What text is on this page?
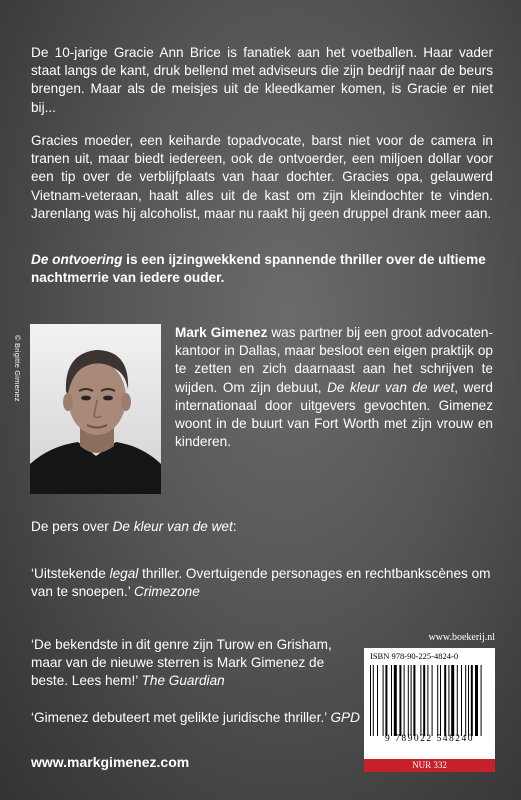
De 10-jarige Gracie Ann Brice is fanatiek aan het voetballen. Haar vader staat langs de kant, druk bellend met adviseurs die zijn bedrijf naar de beurs brengen. Maar als de meisjes uit de kleedkamer komen, is Gracie er niet bij...

Gracies moeder, een keiharde topadvocate, barst niet voor de camera in tranen uit, maar biedt iedereen, ook de ontvoerder, een miljoen dollar voor een tip over de verblijfplaats van haar dochter. Gracies opa, gelauwerd Vietnam-veteraan, haalt alles uit de kast om zijn kleindochter te vinden. Jarenlang was hij alcoholist, maar nu raakt hij geen druppel drank meer aan.

De ontvoering is een ijzingwekkend spannende thriller over de ultieme nachtmerrie van iedere ouder.

© Brigitte Gimenez

Mark Gimenez was partner bij een groot advocaten-kantoor in Dallas, maar besloot een eigen praktijk op te zetten en zich daarnaast aan het schrijven te wijden. Om zijn debuut, De kleur van de wet, werd internationaal door uitgevers gevochten. Gimenez woont in de buurt van Fort Worth met zijn vrouw en kinderen.

De pers over De kleur van de wet:

‘Uitstekende legal thriller. Overtuigende personages en rechtbankscènes om van te snoepen.’ Crimezone

‘De bekendste in dit genre zijn Turow en Grisham, maar van de nieuwe sterren is Mark Gimenez de beste. Lees hem!’ The Guardian

‘Gimenez debuteert met gelikte juridische thriller.’ GPD

www.markgimenez.com

www.boekerij.nl
ISBN 978-90-225-4824-0
9 789022 548240
NUR 332
